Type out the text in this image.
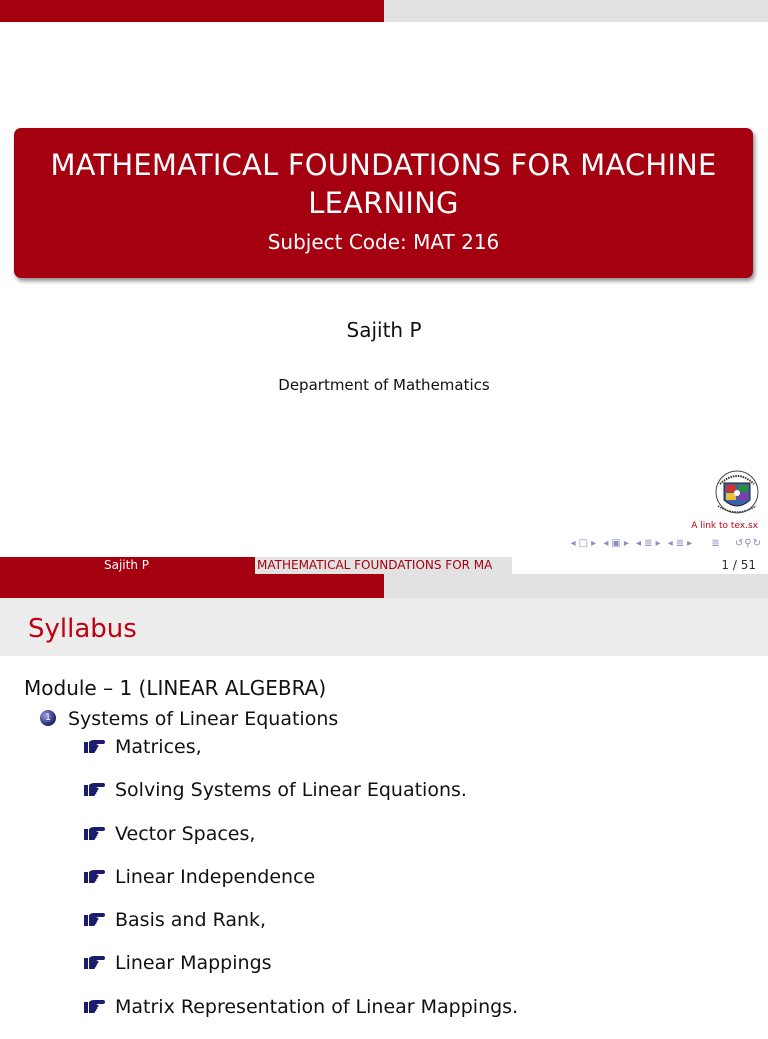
MATHEMATICAL FOUNDATIONS FOR MACHINE LEARNING
Subject Code: MAT 216
Sajith P
Department of Mathematics
A link to tex.sx
◂ □ ▸ ◂ ▣ ▸ ◂ ≣ ▸ ◂ ≣ ▸ ≣ ↺⚲↻
Sajith P	MATHEMATICAL FOUNDATIONS FOR MA	1 / 51
Syllabus
Module – 1 (LINEAR ALGEBRA)
1 Systems of Linear Equations
Matrices,
Solving Systems of Linear Equations.
Vector Spaces,
Linear Independence
Basis and Rank,
Linear Mappings
Matrix Representation of Linear Mappings.
